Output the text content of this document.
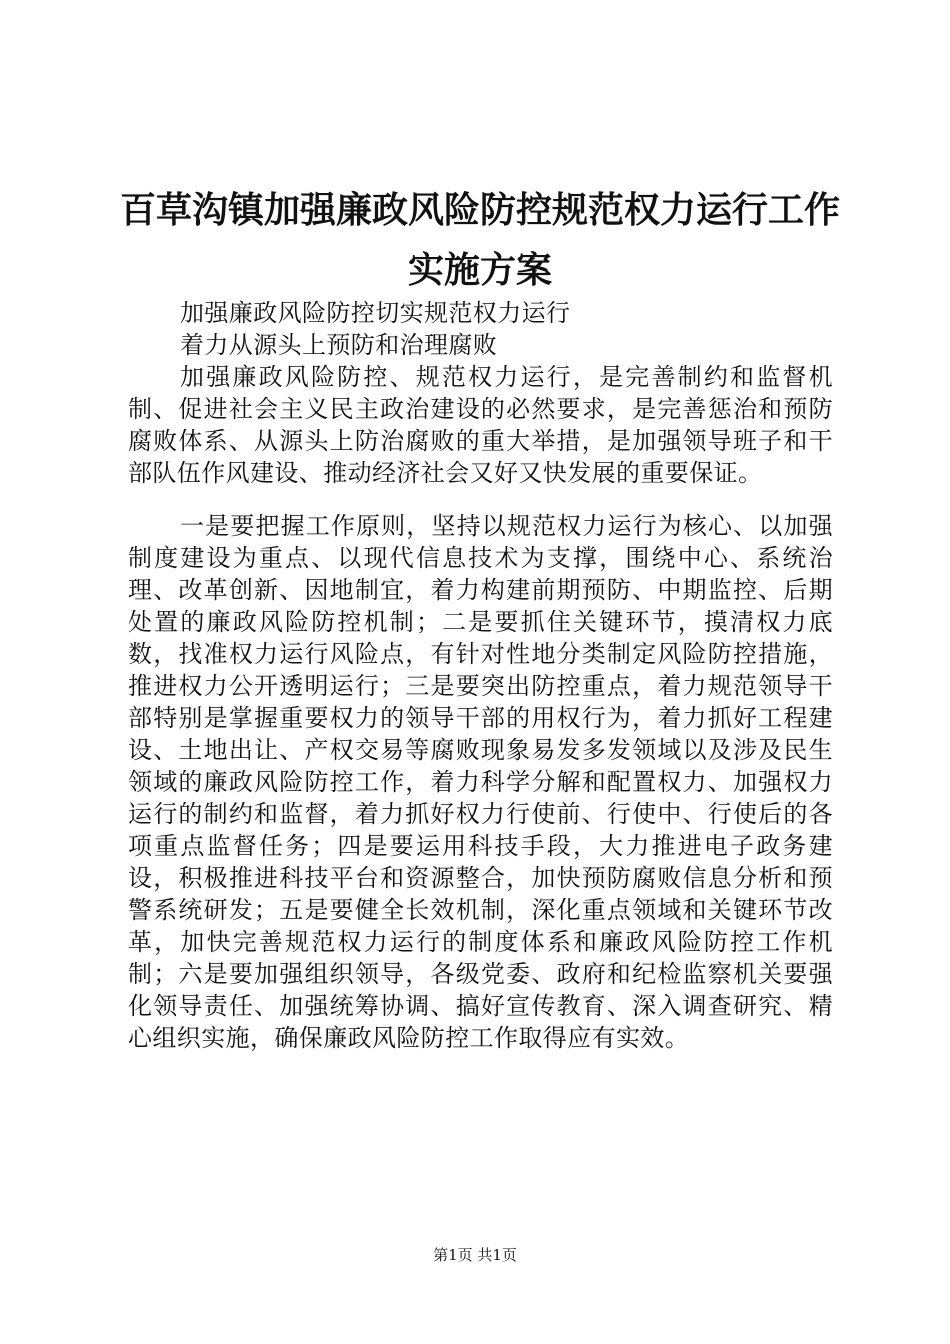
百草沟镇加强廉政风险防控规范权力运行工作
实施方案
加强廉政风险防控切实规范权力运行
着力从源头上预防和治理腐败
加强廉政风险防控、规范权力运行，是完善制约和监督机制、促进社会主义民主政治建设的必然要求，是完善惩治和预防腐败体系、从源头上防治腐败的重大举措，是加强领导班子和干部队伍作风建设、推动经济社会又好又快发展的重要保证。
一是要把握工作原则，坚持以规范权力运行为核心、以加强制度建设为重点、以现代信息技术为支撑，围绕中心、系统治理、改革创新、因地制宜，着力构建前期预防、中期监控、后期处置的廉政风险防控机制；二是要抓住关键环节，摸清权力底数，找准权力运行风险点，有针对性地分类制定风险防控措施，推进权力公开透明运行；三是要突出防控重点，着力规范领导干部特别是掌握重要权力的领导干部的用权行为，着力抓好工程建设、土地出让、产权交易等腐败现象易发多发领域以及涉及民生领域的廉政风险防控工作，着力科学分解和配置权力、加强权力运行的制约和监督，着力抓好权力行使前、行使中、行使后的各项重点监督任务；四是要运用科技手段，大力推进电子政务建设，积极推进科技平台和资源整合，加快预防腐败信息分析和预警系统研发；五是要健全长效机制，深化重点领域和关键环节改革，加快完善规范权力运行的制度体系和廉政风险防控工作机制；六是要加强组织领导，各级党委、政府和纪检监察机关要强化领导责任、加强统筹协调、搞好宣传教育、深入调查研究、精心组织实施，确保廉政风险防控工作取得应有实效。
第1页 共1页
